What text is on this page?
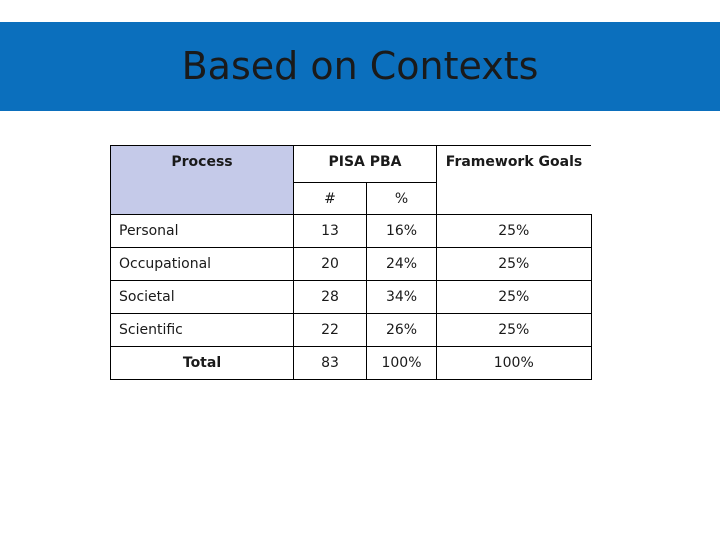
Based on Contexts
Process	PISA PBA		Framework Goals
	#	%	
Personal	13	16%	25%
Occupational	20	24%	25%
Societal	28	34%	25%
Scientific	22	26%	25%
Total	83	100%	100%
